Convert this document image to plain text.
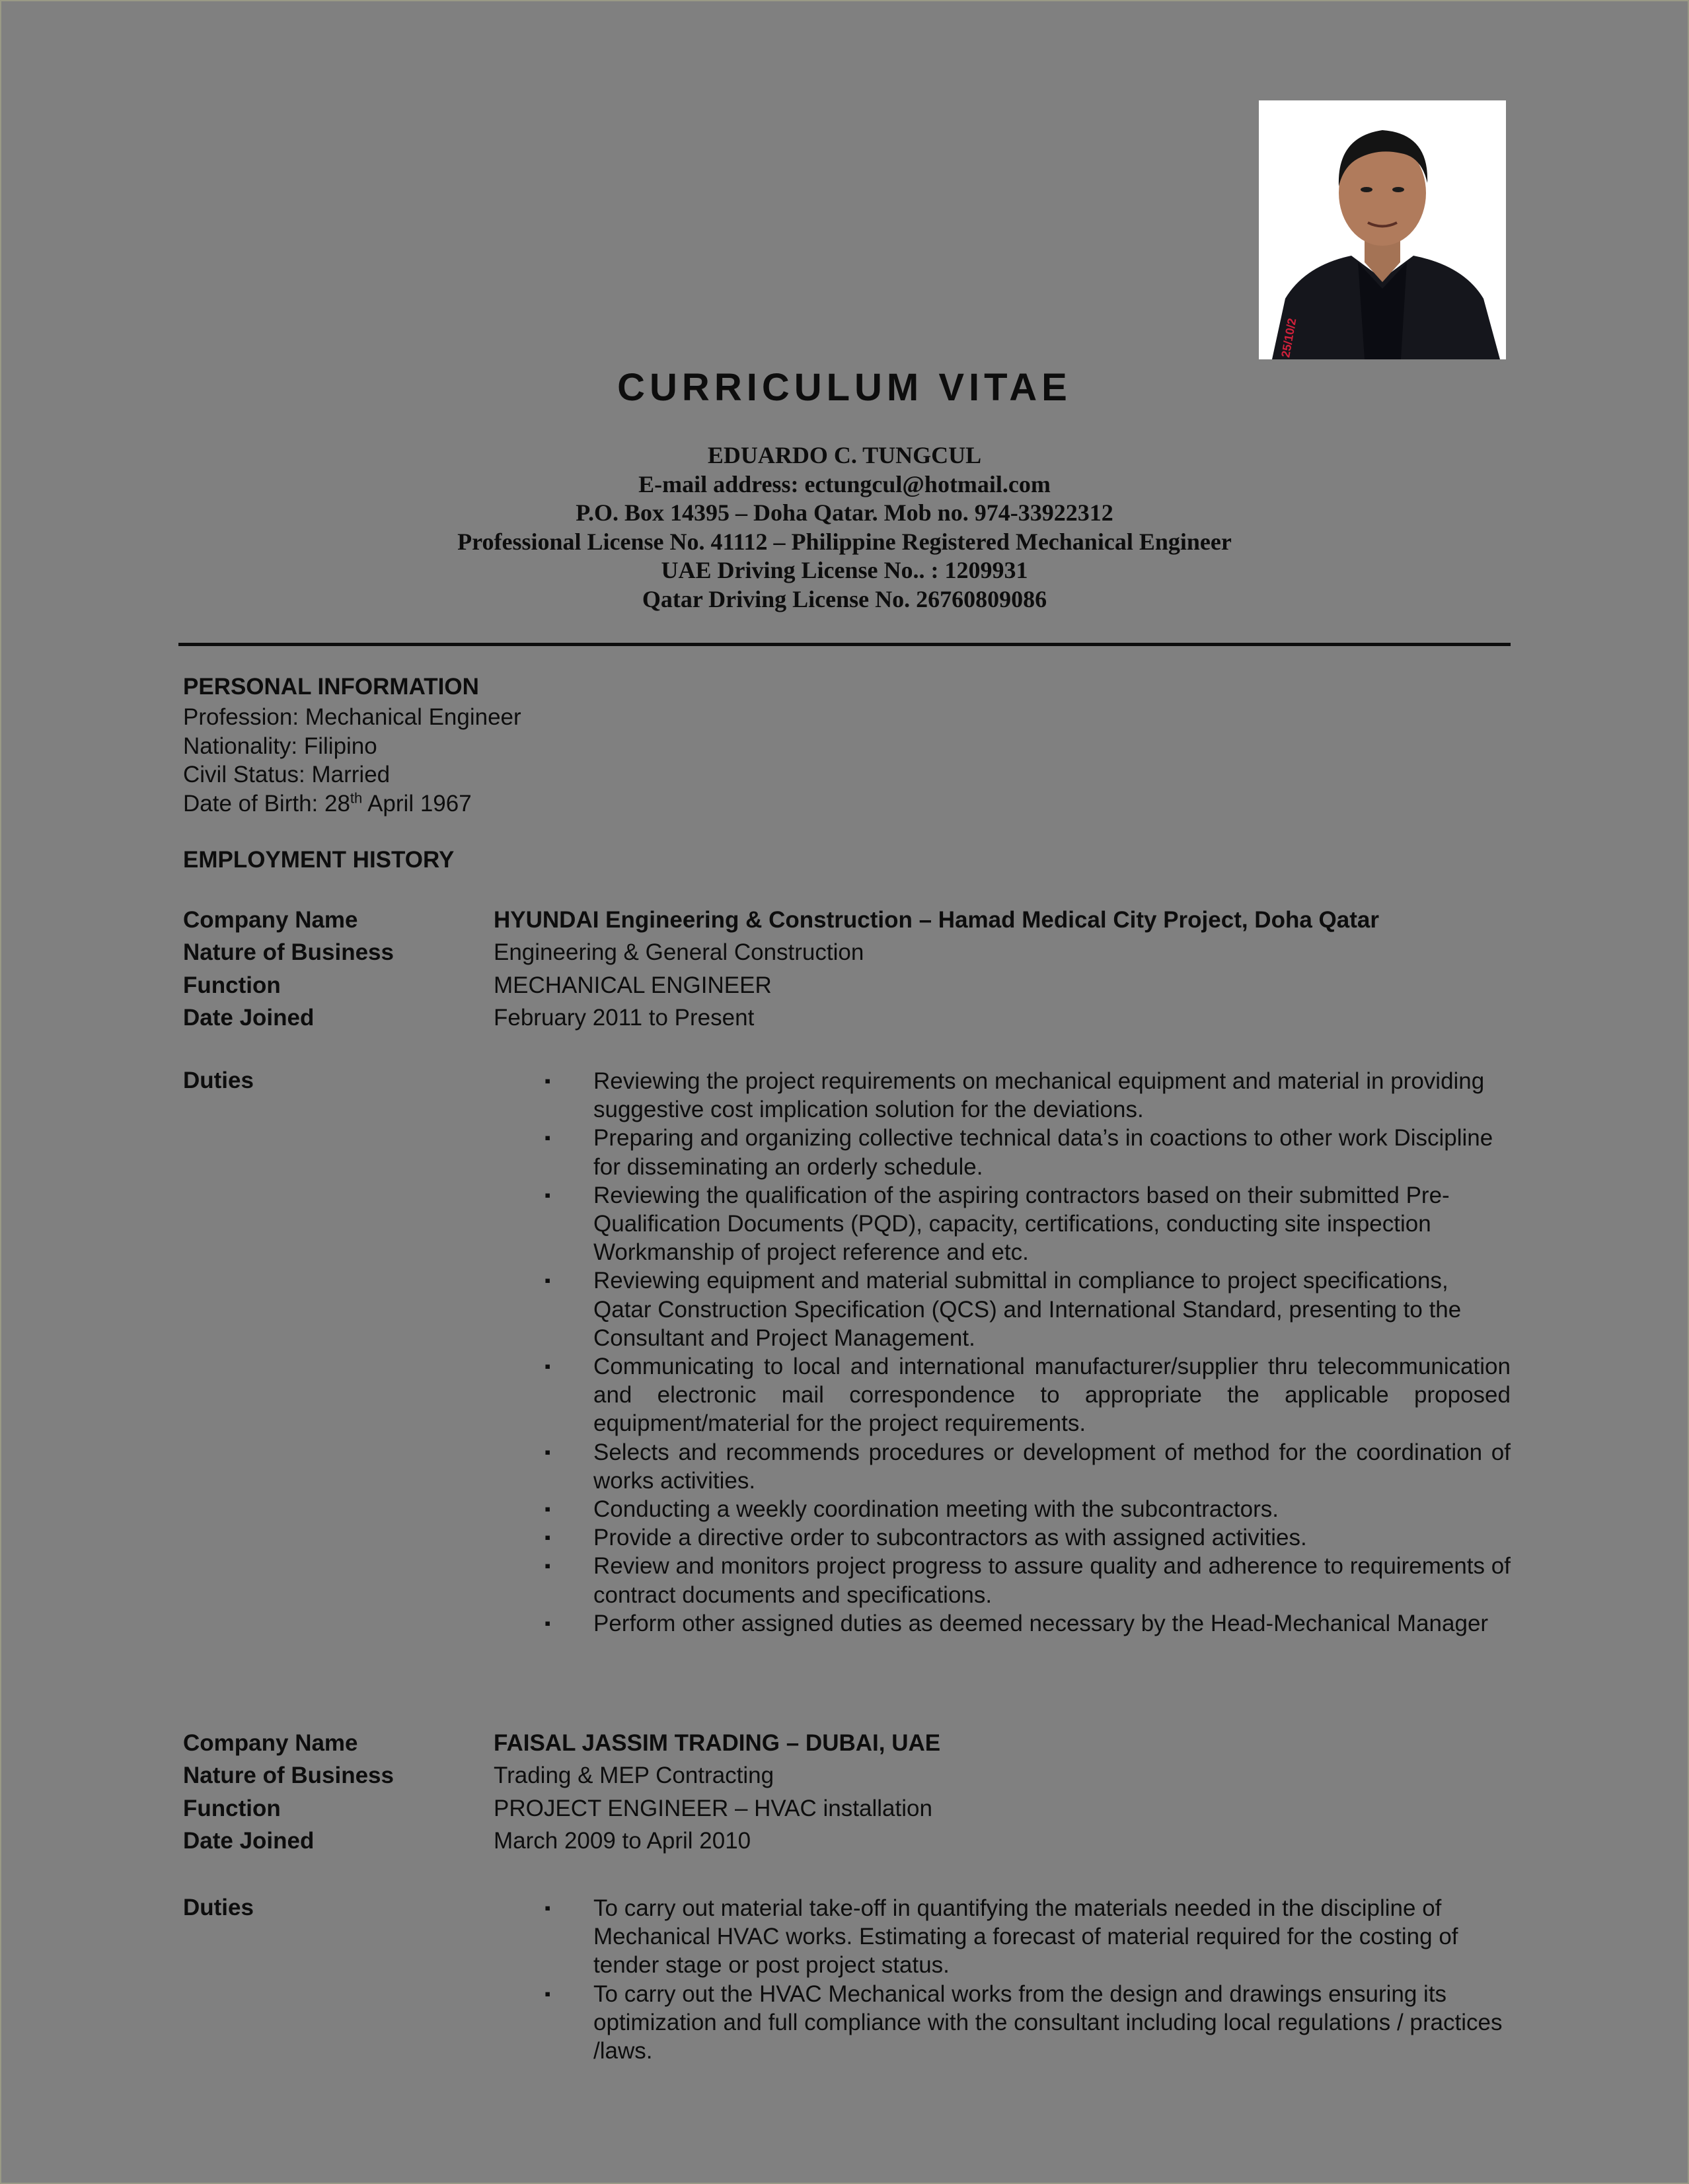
25/10/2
CURRICULUM VITAE
EDUARDO C. TUNGCUL
E-mail address: ectungcul@hotmail.com
P.O. Box 14395 – Doha Qatar. Mob no. 974-33922312
Professional License No. 41112 – Philippine Registered Mechanical Engineer
UAE Driving License No.. : 1209931
Qatar Driving License No. 26760809086
PERSONAL INFORMATION
Profession: Mechanical Engineer
Nationality: Filipino
Civil Status: Married
Date of Birth: 28th April 1967
EMPLOYMENT HISTORY
Company Name	HYUNDAI Engineering & Construction – Hamad Medical City Project, Doha Qatar
Nature of Business	Engineering & General Construction
Function	MECHANICAL ENGINEER
Date Joined	February 2011 to Present
Duties	▪ Reviewing the project requirements on mechanical equipment and material in providing suggestive cost implication solution for the deviations.
▪ Preparing and organizing collective technical data’s in coactions to other work Discipline for disseminating an orderly schedule.
▪ Reviewing the qualification of the aspiring contractors based on their submitted Pre-Qualification Documents (PQD), capacity, certifications, conducting site inspection Workmanship of project reference and etc.
▪ Reviewing equipment and material submittal in compliance to project specifications, Qatar Construction Specification (QCS) and International Standard, presenting to the Consultant and Project Management.
▪ Communicating to local and international manufacturer/supplier thru telecommunication and electronic mail correspondence to appropriate the applicable proposed equipment/material for the project requirements.
▪ Selects and recommends procedures or development of method for the coordination of works activities.
▪ Conducting a weekly coordination meeting with the subcontractors.
▪ Provide a directive order to subcontractors as with assigned activities.
▪ Review and monitors project progress to assure quality and adherence to requirements of contract documents and specifications.
▪ Perform other assigned duties as deemed necessary by the Head-Mechanical Manager
Company Name	FAISAL JASSIM TRADING – DUBAI, UAE
Nature of Business	Trading & MEP Contracting
Function	PROJECT ENGINEER – HVAC installation
Date Joined	March 2009 to April 2010
Duties	▪ To carry out material take-off in quantifying the materials needed in the discipline of Mechanical HVAC works. Estimating a forecast of material required for the costing of tender stage or post project status.
▪ To carry out the HVAC Mechanical works from the design and drawings ensuring its optimization and full compliance with the consultant including local regulations / practices /laws.
